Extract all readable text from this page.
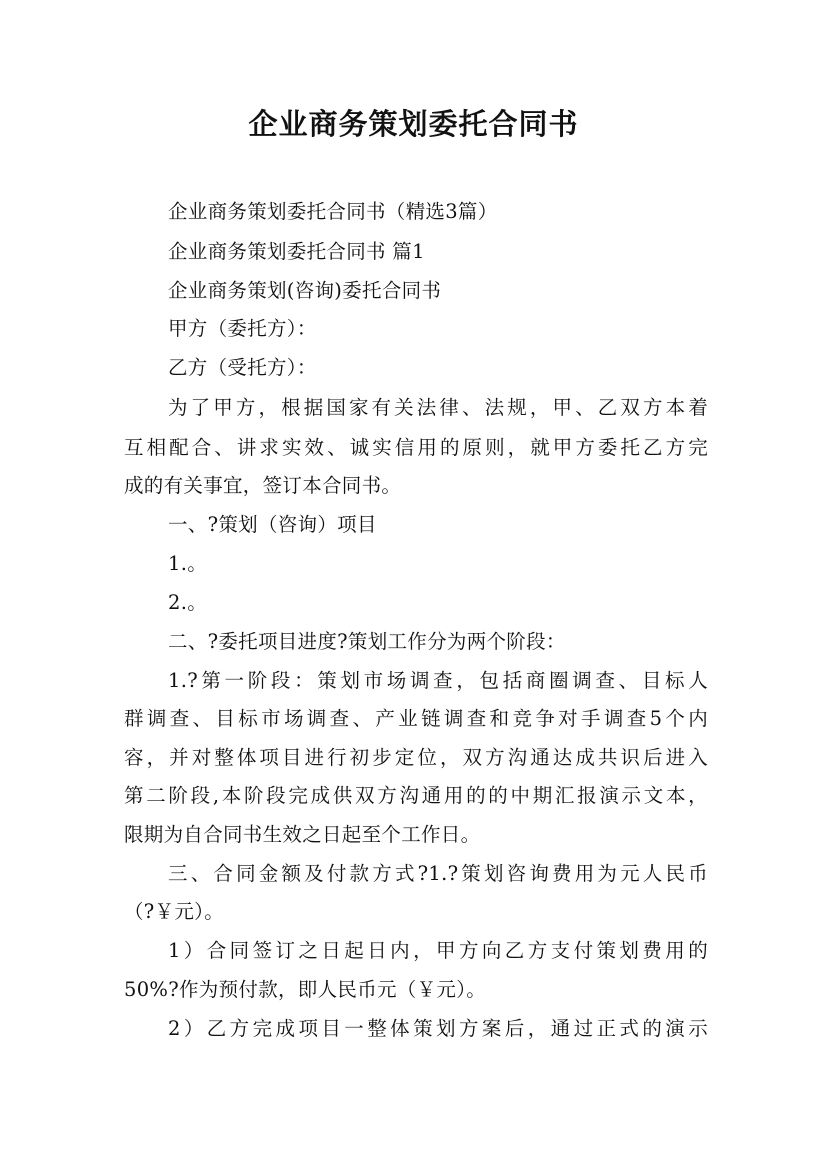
企业商务策划委托合同书
企业商务策划委托合同书（精选3篇）
企业商务策划委托合同书 篇1
企业商务策划(咨询)委托合同书
甲方（委托方）：
乙方（受托方）：
为了甲方，根据国家有关法律、法规，甲、乙双方本着
互相配合、讲求实效、诚实信用的原则，就甲方委托乙方完
成的有关事宜，签订本合同书。
一、?策划（咨询）项目
1.。
2.。
二、?委托项目进度?策划工作分为两个阶段：
1.?第一阶段：策划市场调查，包括商圈调查、目标人
群调查、目标市场调查、产业链调查和竞争对手调查5个内
容，并对整体项目进行初步定位，双方沟通达成共识后进入
第二阶段,本阶段完成供双方沟通用的的中期汇报演示文本，
限期为自合同书生效之日起至个工作日。
三、合同金额及付款方式?1.?策划咨询费用为元人民币
（?￥元）。
1）合同签订之日起日内，甲方向乙方支付策划费用的
50%?作为预付款，即人民币元（￥元）。
2）乙方完成项目一整体策划方案后，通过正式的演示
